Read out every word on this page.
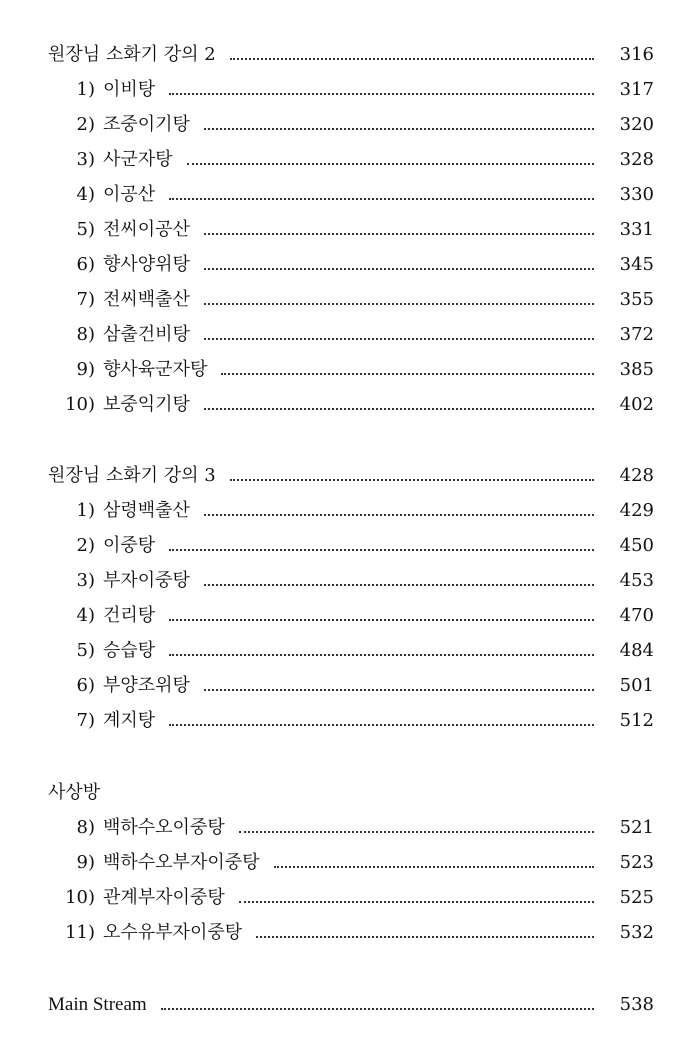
원장님 소화기 강의 2	316
1) 이비탕	317
2) 조중이기탕	320
3) 사군자탕	328
4) 이공산	330
5) 전씨이공산	331
6) 향사양위탕	345
7) 전씨백출산	355
8) 삼출건비탕	372
9) 향사육군자탕	385
10) 보중익기탕	402
원장님 소화기 강의 3	428
1) 삼령백출산	429
2) 이중탕	450
3) 부자이중탕	453
4) 건리탕	470
5) 승습탕	484
6) 부양조위탕	501
7) 계지탕	512
사상방
8) 백하수오이중탕	521
9) 백하수오부자이중탕	523
10) 관계부자이중탕	525
11) 오수유부자이중탕	532
Main Stream	538
